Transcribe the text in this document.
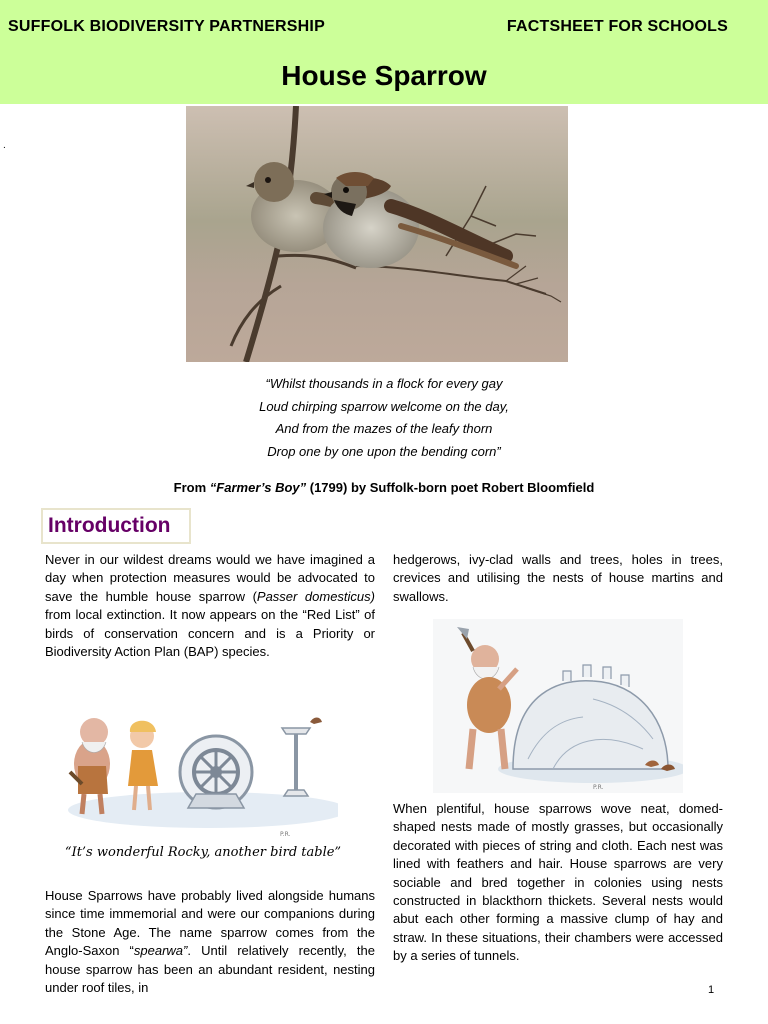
SUFFOLK BIODIVERSITY PARTNERSHIP	FACTSHEET FOR SCHOOLS
House Sparrow
.
“Whilst thousands in a flock for every gay
Loud chirping sparrow welcome on the day,
And from the mazes of the leafy thorn
Drop one by one upon the bending corn”
From “Farmer’s Boy” (1799) by Suffolk-born poet Robert Bloomfield
Introduction

Never in our wildest dreams would we have imagined a day when protection measures would be advocated to save the humble house sparrow (Passer domesticus) from local extinction. It now appears on the “Red List” of birds of conservation concern and is a Priority or Biodiversity Action Plan (BAP) species.

P.R.
“It’s wonderful Rocky, another bird table”

House Sparrows have probably lived alongside humans since time immemorial and were our companions during the Stone Age. The name sparrow comes from the Anglo-Saxon “spearwa”. Until relatively recently, the house sparrow has been an abundant resident, nesting under roof tiles, in

hedgerows, ivy-clad walls and trees, holes in trees, crevices and utilising the nests of house martins and swallows.

P.R.

When plentiful, house sparrows wove neat, domed-shaped nests made of mostly grasses, but occasionally decorated with pieces of string and cloth. Each nest was lined with feathers and hair. House sparrows are very sociable and bred together in colonies using nests constructed in blackthorn thickets. Several nests would abut each other forming a massive clump of hay and straw. In these situations, their chambers were accessed by a series of tunnels.

1
